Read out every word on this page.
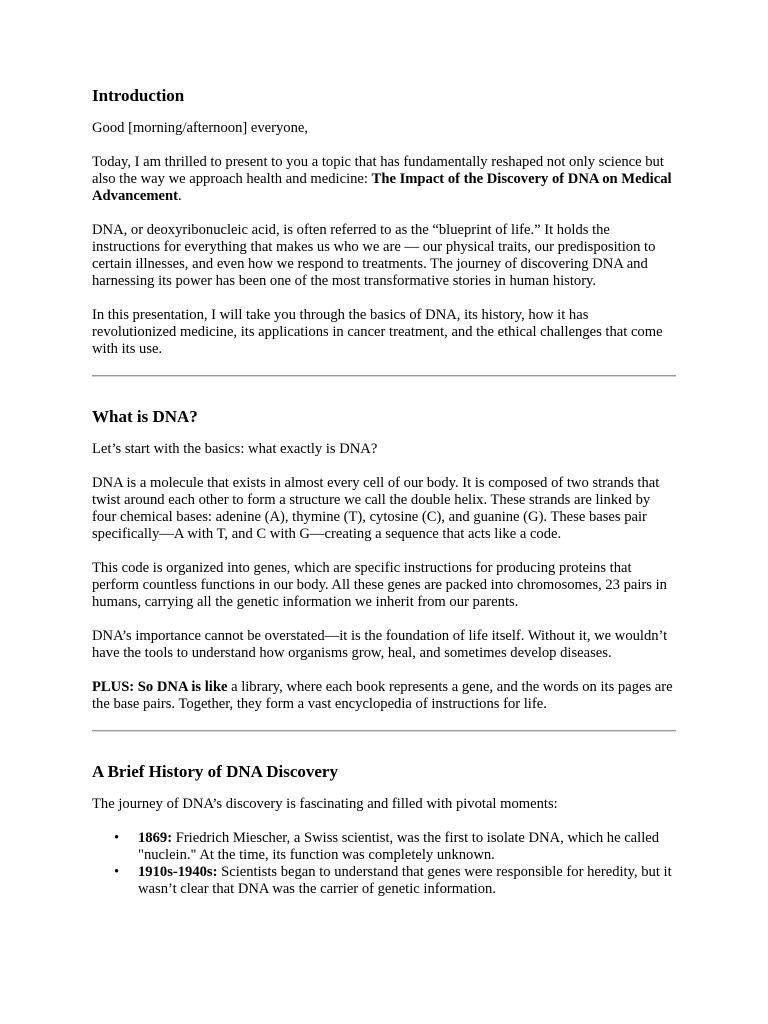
Introduction

Good [morning/afternoon] everyone,

Today, I am thrilled to present to you a topic that has fundamentally reshaped not only science but also the way we approach health and medicine: The Impact of the Discovery of DNA on Medical Advancement.

DNA, or deoxyribonucleic acid, is often referred to as the “blueprint of life.” It holds the instructions for everything that makes us who we are — our physical traits, our predisposition to certain illnesses, and even how we respond to treatments. The journey of discovering DNA and harnessing its power has been one of the most transformative stories in human history.

In this presentation, I will take you through the basics of DNA, its history, how it has revolutionized medicine, its applications in cancer treatment, and the ethical challenges that come with its use.

What is DNA?

Let’s start with the basics: what exactly is DNA?

DNA is a molecule that exists in almost every cell of our body. It is composed of two strands that twist around each other to form a structure we call the double helix. These strands are linked by four chemical bases: adenine (A), thymine (T), cytosine (C), and guanine (G). These bases pair specifically—A with T, and C with G—creating a sequence that acts like a code.

This code is organized into genes, which are specific instructions for producing proteins that perform countless functions in our body. All these genes are packed into chromosomes, 23 pairs in humans, carrying all the genetic information we inherit from our parents.

DNA’s importance cannot be overstated—it is the foundation of life itself. Without it, we wouldn’t have the tools to understand how organisms grow, heal, and sometimes develop diseases.

PLUS: So DNA is like a library, where each book represents a gene, and the words on its pages are the base pairs. Together, they form a vast encyclopedia of instructions for life.

A Brief History of DNA Discovery

The journey of DNA’s discovery is fascinating and filled with pivotal moments:

• 1869: Friedrich Miescher, a Swiss scientist, was the first to isolate DNA, which he called "nuclein." At the time, its function was completely unknown.
• 1910s-1940s: Scientists began to understand that genes were responsible for heredity, but it wasn’t clear that DNA was the carrier of genetic information.
